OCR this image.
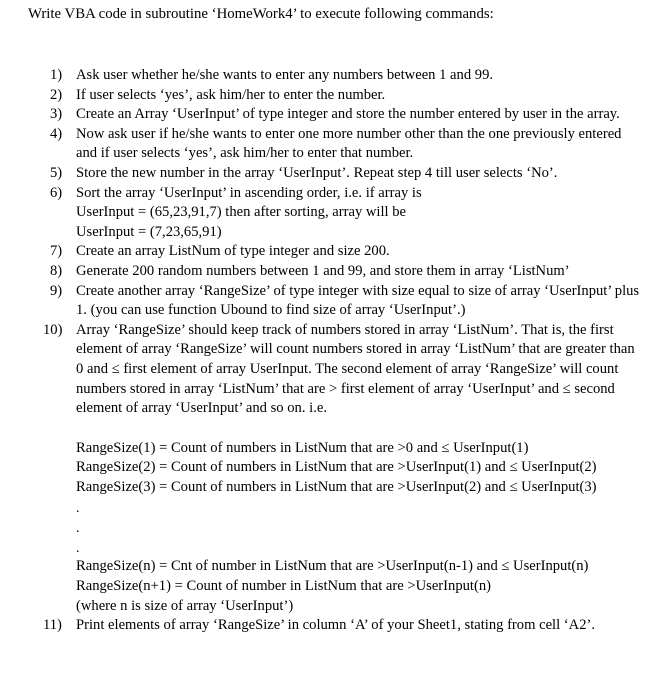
Write VBA code in subroutine ‘HomeWork4’ to execute following commands:
1) Ask user whether he/she wants to enter any numbers between 1 and 99.
2) If user selects ‘yes’, ask him/her to enter the number.
3) Create an Array ‘UserInput’ of type integer and store the number entered by user in the array.
4) Now ask user if he/she wants to enter one more number other than the one previously entered and if user selects ‘yes’, ask him/her to enter that number.
5) Store the new number in the array ‘UserInput’. Repeat step 4 till user selects ‘No’.
6) Sort the array ‘UserInput’ in ascending order, i.e. if array is
UserInput = (65,23,91,7) then after sorting, array will be
UserInput = (7,23,65,91)
7) Create an array ListNum of type integer and size 200.
8) Generate 200 random numbers between 1 and 99, and store them in array ‘ListNum’
9) Create another array ‘RangeSize’ of type integer with size equal to size of array ‘UserInput’ plus 1. (you can use function Ubound to find size of array ‘UserInput’.)
10) Array ‘RangeSize’ should keep track of numbers stored in array ‘ListNum’. That is, the first element of array ‘RangeSize’ will count numbers stored in array ‘ListNum’ that are greater than 0 and ≤ first element of array UserInput. The second element of array ‘RangeSize’ will count numbers stored in array ‘ListNum’ that are > first element of array ‘UserInput’ and ≤ second element of array ‘UserInput’ and so on. i.e.
RangeSize(1) = Count of numbers in ListNum that are >0 and ≤ UserInput(1)
RangeSize(2) = Count of numbers in ListNum that are >UserInput(1) and ≤ UserInput(2)
RangeSize(3) = Count of numbers in ListNum that are >UserInput(2) and ≤ UserInput(3)
.
.
.
RangeSize(n) = Cnt of number in ListNum that are >UserInput(n-1) and ≤ UserInput(n)
RangeSize(n+1) = Count of number in ListNum that are >UserInput(n)
(where n is size of array ‘UserInput’)
11) Print elements of array ‘RangeSize’ in column ‘A’ of your Sheet1, stating from cell ‘A2’.
